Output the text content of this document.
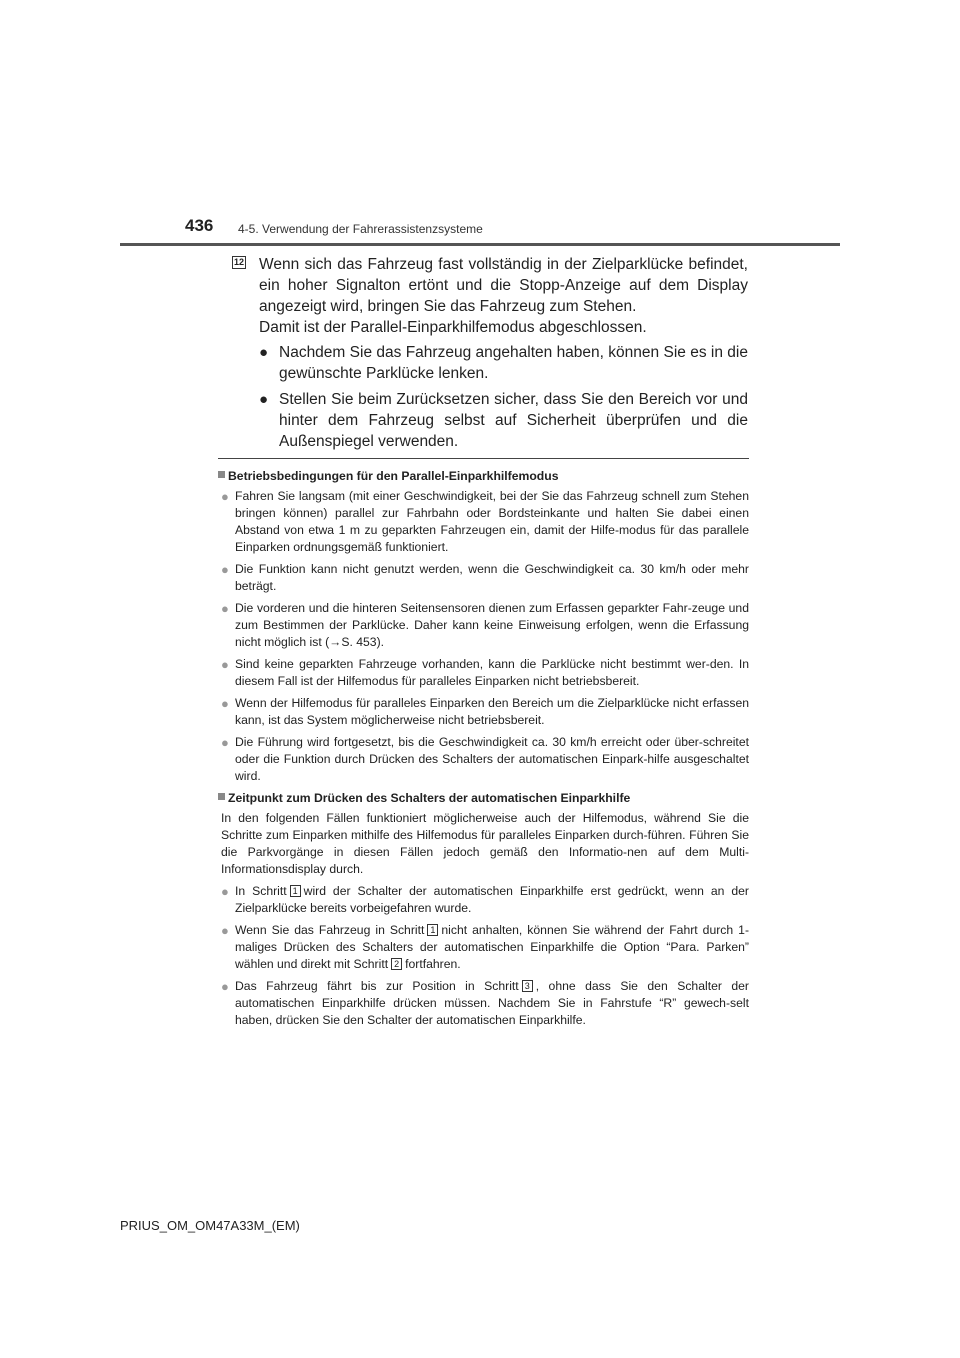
436 4-5. Verwendung der Fahrerassistenzsysteme
12 Wenn sich das Fahrzeug fast vollständig in der Zielparklücke befindet, ein hoher Signalton ertönt und die Stopp-Anzeige auf dem Display angezeigt wird, bringen Sie das Fahrzeug zum Stehen.
Damit ist der Parallel-Einparkhilfemodus abgeschlossen.
● Nachdem Sie das Fahrzeug angehalten haben, können Sie es in die gewünschte Parklücke lenken.
● Stellen Sie beim Zurücksetzen sicher, dass Sie den Bereich vor und hinter dem Fahrzeug selbst auf Sicherheit überprüfen und die Außenspiegel verwenden.
Betriebsbedingungen für den Parallel-Einparkhilfemodus
● Fahren Sie langsam (mit einer Geschwindigkeit, bei der Sie das Fahrzeug schnell zum Stehen bringen können) parallel zur Fahrbahn oder Bordsteinkante und halten Sie dabei einen Abstand von etwa 1 m zu geparkten Fahrzeugen ein, damit der Hilfe-modus für das parallele Einparken ordnungsgemäß funktioniert.
● Die Funktion kann nicht genutzt werden, wenn die Geschwindigkeit ca. 30 km/h oder mehr beträgt.
● Die vorderen und die hinteren Seitensensoren dienen zum Erfassen geparkter Fahr-zeuge und zum Bestimmen der Parklücke. Daher kann keine Einweisung erfolgen, wenn die Erfassung nicht möglich ist (→S. 453).
● Sind keine geparkten Fahrzeuge vorhanden, kann die Parklücke nicht bestimmt wer-den. In diesem Fall ist der Hilfemodus für paralleles Einparken nicht betriebsbereit.
● Wenn der Hilfemodus für paralleles Einparken den Bereich um die Zielparklücke nicht erfassen kann, ist das System möglicherweise nicht betriebsbereit.
● Die Führung wird fortgesetzt, bis die Geschwindigkeit ca. 30 km/h erreicht oder über-schreitet oder die Funktion durch Drücken des Schalters der automatischen Einpark-hilfe ausgeschaltet wird.
Zeitpunkt zum Drücken des Schalters der automatischen Einparkhilfe
In den folgenden Fällen funktioniert möglicherweise auch der Hilfemodus, während Sie die Schritte zum Einparken mithilfe des Hilfemodus für paralleles Einparken durch-führen. Führen Sie die Parkvorgänge in diesen Fällen jedoch gemäß den Informatio-nen auf dem Multi-Informationsdisplay durch.
● In Schritt 1 wird der Schalter der automatischen Einparkhilfe erst gedrückt, wenn an der Zielparklücke bereits vorbeigefahren wurde.
● Wenn Sie das Fahrzeug in Schritt 1 nicht anhalten, können Sie während der Fahrt durch 1-maliges Drücken des Schalters der automatischen Einparkhilfe die Option “Para. Parken” wählen und direkt mit Schritt 2 fortfahren.
● Das Fahrzeug fährt bis zur Position in Schritt 3 , ohne dass Sie den Schalter der automatischen Einparkhilfe drücken müssen. Nachdem Sie in Fahrstufe “R” gewech-selt haben, drücken Sie den Schalter der automatischen Einparkhilfe.
PRIUS_OM_OM47A33M_(EM)
